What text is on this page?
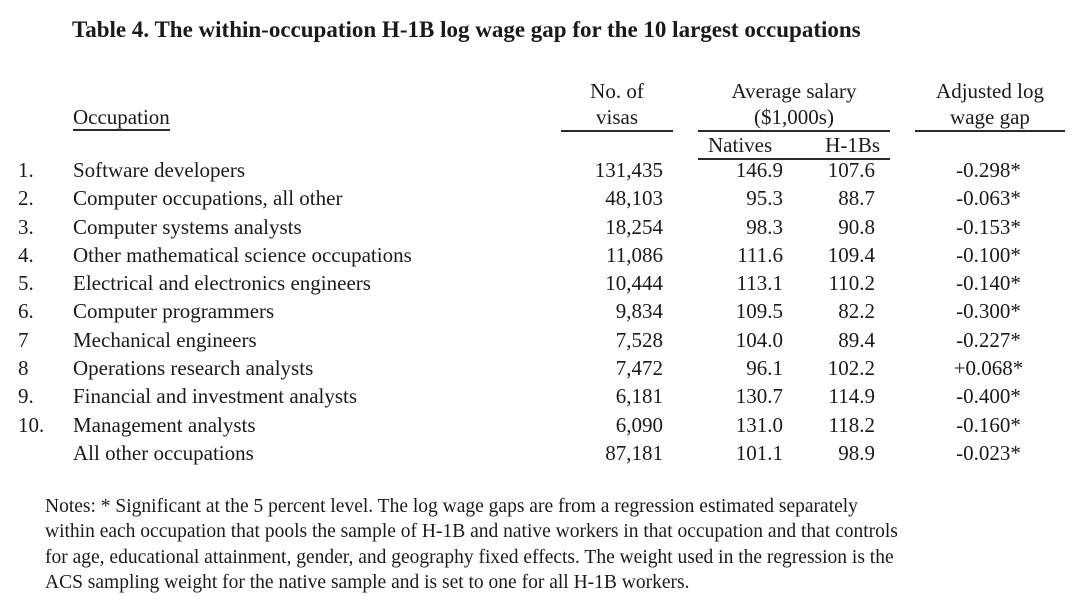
Table 4. The within-occupation H-1B log wage gap for the 10 largest occupations
Occupation
No. of
visas
Average salary
($1,000s)
Natives	H-1Bs
Adjusted log
wage gap
1.	Software developers	131,435	146.9	107.6	-0.298*
2.	Computer occupations, all other	48,103	95.3	88.7	-0.063*
3.	Computer systems analysts	18,254	98.3	90.8	-0.153*
4.	Other mathematical science occupations	11,086	111.6	109.4	-0.100*
5.	Electrical and electronics engineers	10,444	113.1	110.2	-0.140*
6.	Computer programmers	9,834	109.5	82.2	-0.300*
7	Mechanical engineers	7,528	104.0	89.4	-0.227*
8	Operations research analysts	7,472	96.1	102.2	+0.068*
9.	Financial and investment analysts	6,181	130.7	114.9	-0.400*
10.	Management analysts	6,090	131.0	118.2	-0.160*
All other occupations	87,181	101.1	98.9	-0.023*
Notes: * Significant at the 5 percent level. The log wage gaps are from a regression estimated separately
within each occupation that pools the sample of H-1B and native workers in that occupation and that controls
for age, educational attainment, gender, and geography fixed effects. The weight used in the regression is the
ACS sampling weight for the native sample and is set to one for all H-1B workers.
